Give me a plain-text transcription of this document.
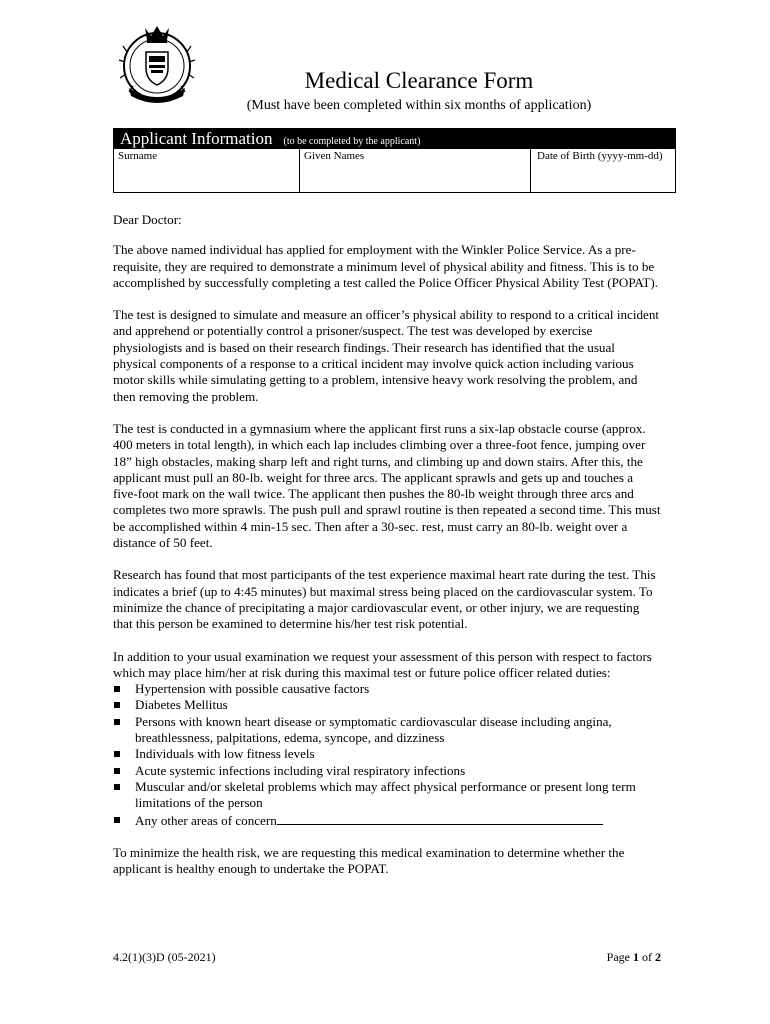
Medical Clearance Form
(Must have been completed within six months of application)
Applicant Information (to be completed by the applicant)
Surname	Given Names	Date of Birth (yyyy-mm-dd)

Dear Doctor:

The above named individual has applied for employment with the Winkler Police Service. As a pre-requisite, they are required to demonstrate a minimum level of physical ability and fitness. This is to be accomplished by successfully completing a test called the Police Officer Physical Ability Test (POPAT).

The test is designed to simulate and measure an officer’s physical ability to respond to a critical incident and apprehend or potentially control a prisoner/suspect. The test was developed by exercise physiologists and is based on their research findings. Their research has identified that the usual physical components of a response to a critical incident may involve quick action including various motor skills while simulating getting to a problem, intensive heavy work resolving the problem, and then removing the problem.

The test is conducted in a gymnasium where the applicant first runs a six-lap obstacle course (approx. 400 meters in total length), in which each lap includes climbing over a three-foot fence, jumping over 18” high obstacles, making sharp left and right turns, and climbing up and down stairs. After this, the applicant must pull an 80-lb. weight for three arcs. The applicant sprawls and gets up and touches a five-foot mark on the wall twice. The applicant then pushes the 80-lb weight through three arcs and completes two more sprawls. The push pull and sprawl routine is then repeated a second time. This must be accomplished within 4 min-15 sec. Then after a 30-sec. rest, must carry an 80-lb. weight over a distance of 50 feet.

Research has found that most participants of the test experience maximal heart rate during the test. This indicates a brief (up to 4:45 minutes) but maximal stress being placed on the cardiovascular system. To minimize the chance of precipitating a major cardiovascular event, or other injury, we are requesting that this person be examined to determine his/her test risk potential.

In addition to your usual examination we request your assessment of this person with respect to factors which may place him/her at risk during this maximal test or future police officer related duties:

Hypertension with possible causative factors
Diabetes Mellitus
Persons with known heart disease or symptomatic cardiovascular disease including angina, breathlessness, palpitations, edema, syncope, and dizziness
Individuals with low fitness levels
Acute systemic infections including viral respiratory infections
Muscular and/or skeletal problems which may affect physical performance or present long term limitations of the person
Any other areas of concern

To minimize the health risk, we are requesting this medical examination to determine whether the applicant is healthy enough to undertake the POPAT.

4.2(1)(3)D (05-2021)	Page 1 of 2
